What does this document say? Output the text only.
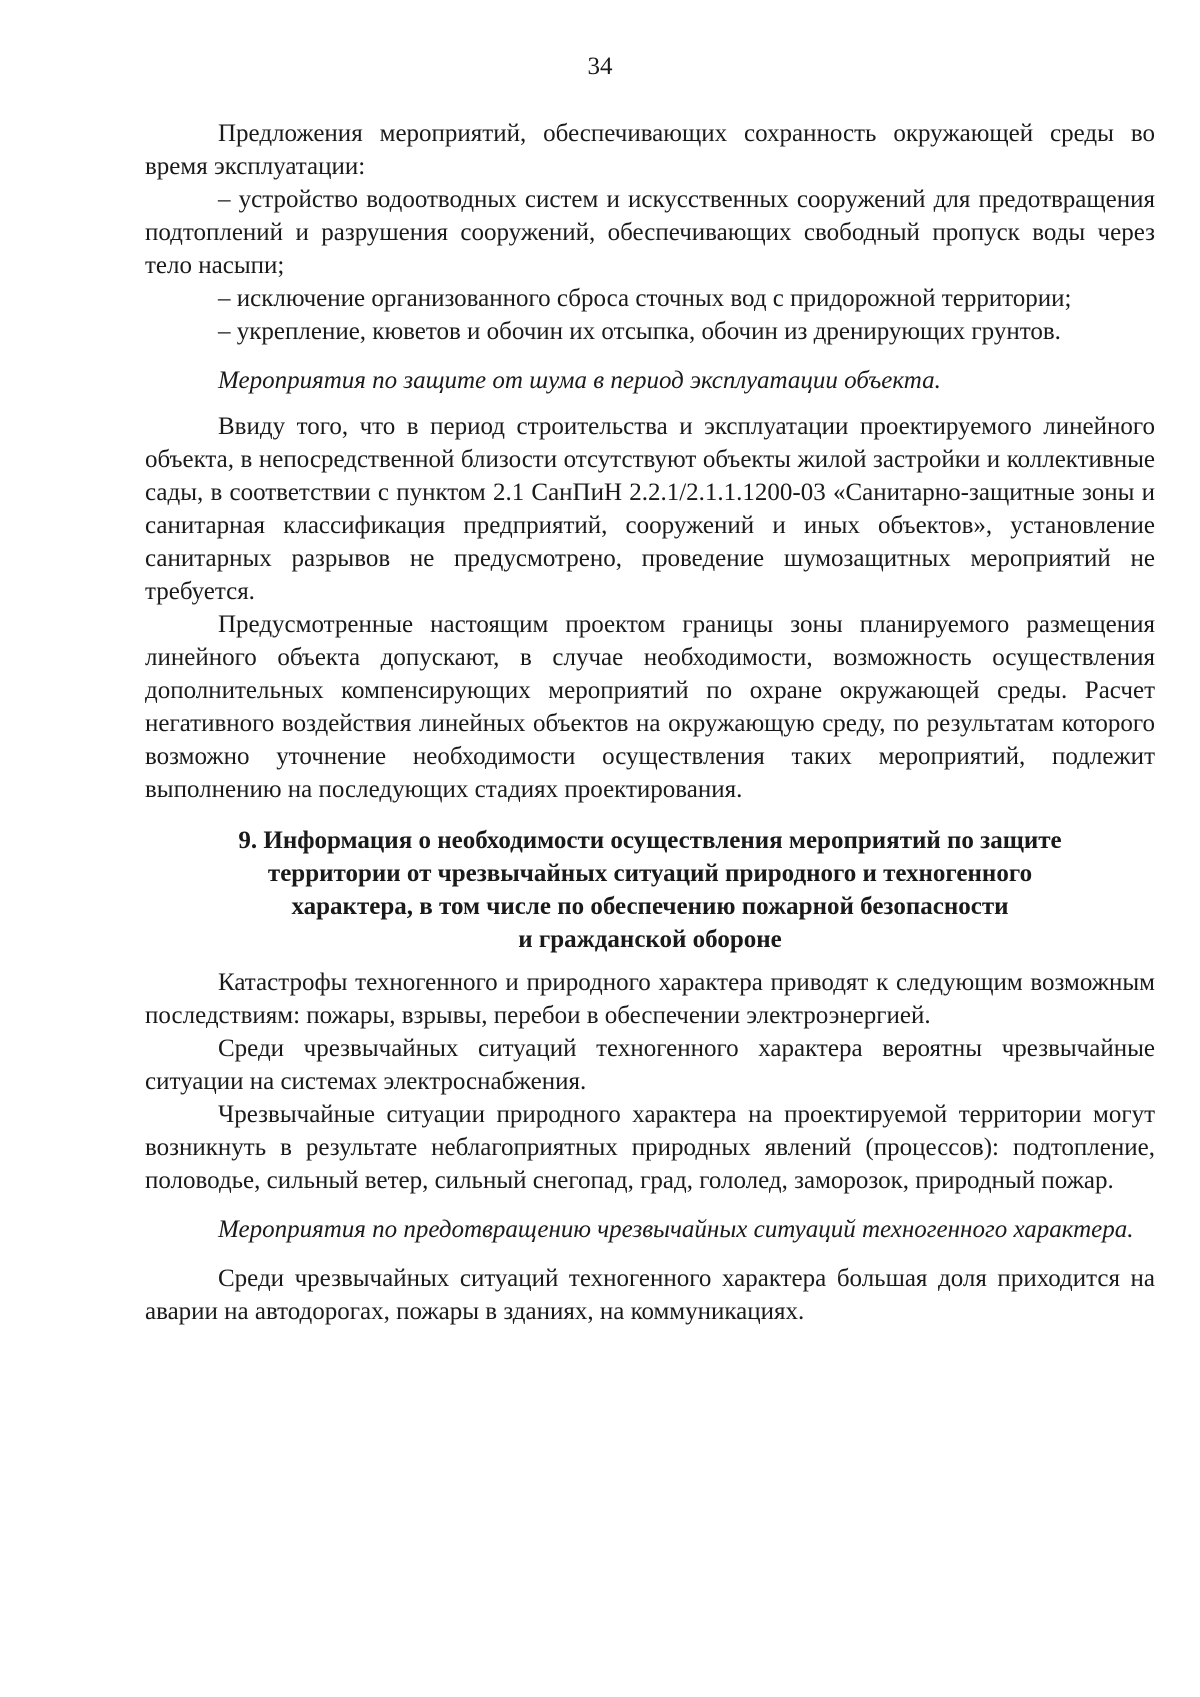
34

Предложения мероприятий, обеспечивающих сохранность окружающей среды во время эксплуатации:

– устройство водоотводных систем и искусственных сооружений для предотвращения подтоплений и разрушения сооружений, обеспечивающих свободный пропуск воды через тело насыпи;

– исключение организованного сброса сточных вод с придорожной территории;

– укрепление, кюветов и обочин их отсыпка, обочин из дренирующих грунтов.

Мероприятия по защите от шума в период эксплуатации объекта.

Ввиду того, что в период строительства и эксплуатации проектируемого линейного объекта, в непосредственной близости отсутствуют объекты жилой застройки и коллективные сады, в соответствии с пунктом 2.1 СанПиН 2.2.1/2.1.1.1200-03 «Санитарно-защитные зоны и санитарная классификация предприятий, сооружений и иных объектов», установление санитарных разрывов не предусмотрено, проведение шумозащитных мероприятий не требуется.

Предусмотренные настоящим проектом границы зоны планируемого размещения линейного объекта допускают, в случае необходимости, возможность осуществления дополнительных компенсирующих мероприятий по охране окружающей среды. Расчет негативного воздействия линейных объектов на окружающую среду, по результатам которого возможно уточнение необходимости осуществления таких мероприятий, подлежит выполнению на последующих стадиях проектирования.

9. Информация о необходимости осуществления мероприятий по защите
территории от чрезвычайных ситуаций природного и техногенного
характера, в том числе по обеспечению пожарной безопасности
и гражданской обороне

Катастрофы техногенного и природного характера приводят к следующим возможным последствиям: пожары, взрывы, перебои в обеспечении электроэнергией.

Среди чрезвычайных ситуаций техногенного характера вероятны чрезвычайные ситуации на системах электроснабжения.

Чрезвычайные ситуации природного характера на проектируемой территории могут возникнуть в результате неблагоприятных природных явлений (процессов): подтопление, половодье, сильный ветер, сильный снегопад, град, гололед, заморозок, природный пожар.

Мероприятия по предотвращению чрезвычайных ситуаций техногенного характера.

Среди чрезвычайных ситуаций техногенного характера большая доля приходится на аварии на автодорогах, пожары в зданиях, на коммуникациях.
